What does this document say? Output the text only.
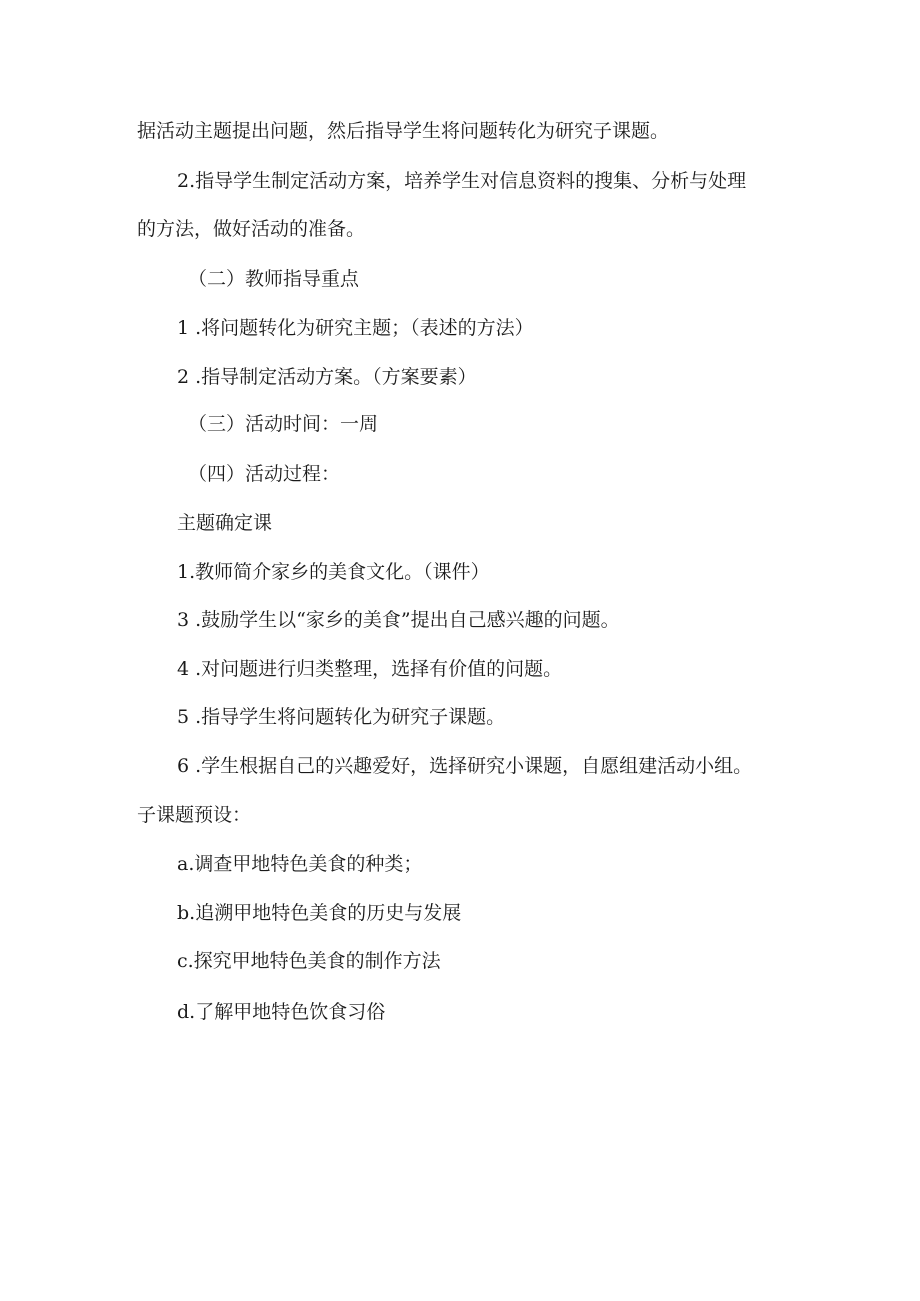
据活动主题提出问题，然后指导学生将问题转化为研究子课题。

2.指导学生制定活动方案，培养学生对信息资料的搜集、分析与处理

的方法，做好活动的准备。

（二）教师指导重点

1 .将问题转化为研究主题；（表述的方法）

2 .指导制定活动方案。（方案要素）

（三）活动时间：一周

（四）活动过程：

主题确定课

1.教师简介家乡的美食文化。（课件）

3 .鼓励学生以“家乡的美食”提出自己感兴趣的问题。

4 .对问题进行归类整理，选择有价值的问题。

5 .指导学生将问题转化为研究子课题。

6 .学生根据自己的兴趣爱好，选择研究小课题，自愿组建活动小组。

子课题预设：

a.调查甲地特色美食的种类；

b.追溯甲地特色美食的历史与发展

c.探究甲地特色美食的制作方法

d.了解甲地特色饮食习俗
